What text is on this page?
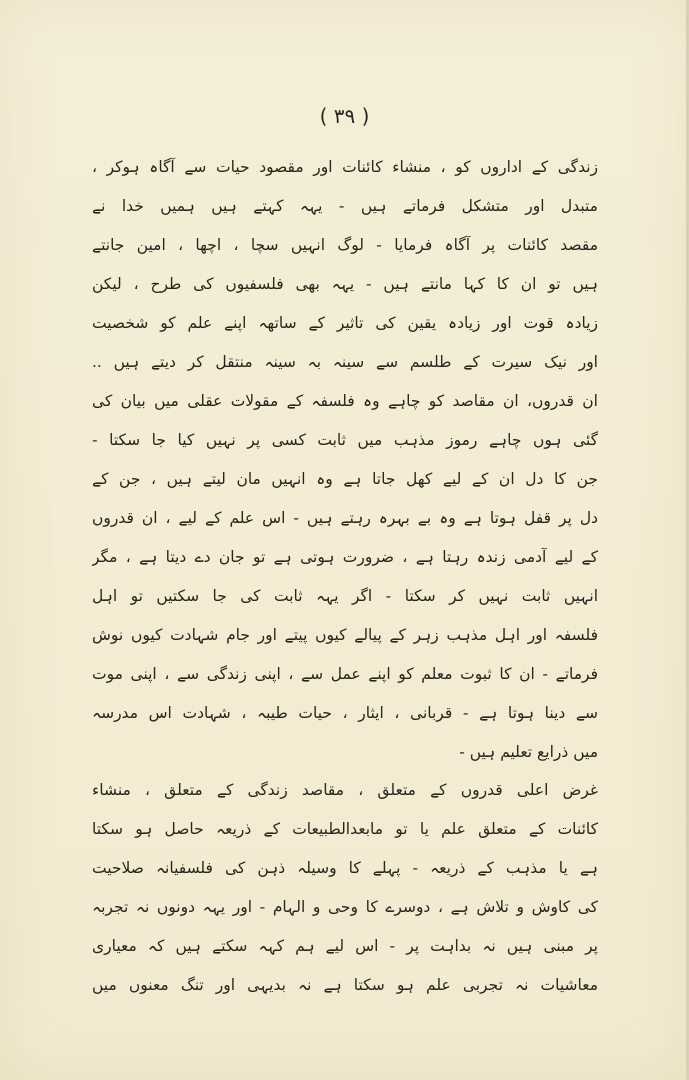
( ٣٩ )
زندگی کے اداروں کو ، منشاء کائنات اور مقصود حیات سے آگاہ ہوکر ،
متبدل اور متشکل فرماتے ہیں - یہہ کہتے ہیں ہمیں خدا نے
مقصد کائنات پر آگاہ فرمایا - لوگ انہیں سچا ، اچھا ، امین جانتے
ہیں تو ان کا کہا مانتے ہیں - یہہ بھی فلسفیوں کی طرح ، لیکن
زیادہ قوت اور زیادہ یقین کی تاثیر کے ساتھہ اپنے علم کو شخصیت
اور نیک سیرت کے طلسم سے سینہ بہ سینہ منتقل کر دیتے ہیں ..
ان قدروں، ان مقاصد کو چاہے وہ فلسفہ کے مقولات عقلی میں بیان کی
گئی ہوں چاہے رموز مذہب میں ثابت کسی پر نہیں کیا جا سکتا -
جن کا دل ان کے لیے کھل جاتا ہے وہ انہیں مان لیتے ہیں ، جن کے
دل پر قفل ہوتا ہے وہ بے بہرہ رہتے ہیں - اس علم کے لیے ، ان قدروں
کے لیے آدمی زندہ رہتا ہے ، ضرورت ہوتی ہے تو جان دے دیتا ہے ، مگر
انہیں ثابت نہیں کر سکتا - اگر یہہ ثابت کی جا سکتیں تو اہل
فلسفہ اور اہل مذہب زہر کے پیالے کیوں پیتے اور جام شہادت کیوں نوش
فرماتے - ان کا ثبوت معلم کو اپنے عمل سے ، اپنی زندگی سے ، اپنی موت
سے دینا ہوتا ہے - قربانی ، ایثار ، حیات طیبہ ، شہادت اس مدرسہ
میں ذرایع تعلیم ہیں -
غرض اعلی قدروں کے متعلق ، مقاصد زندگی کے متعلق ، منشاء
کائنات کے متعلق علم یا تو مابعدالطبیعات کے ذریعہ حاصل ہو سکتا
ہے یا مذہب کے ذریعہ - پہلے کا وسیلہ ذہن کی فلسفیانہ صلاحیت
کی کاوش و تلاش ہے ، دوسرے کا وحی و الہام - اور یہہ دونوں نہ تجربہ
پر مبنی ہیں نہ بداہت پر - اس لیے ہم کہہ سکتے ہیں کہ معیاری
معاشیات نہ تجربی علم ہو سکتا ہے نہ بدیہی اور تنگ معنوں میں
